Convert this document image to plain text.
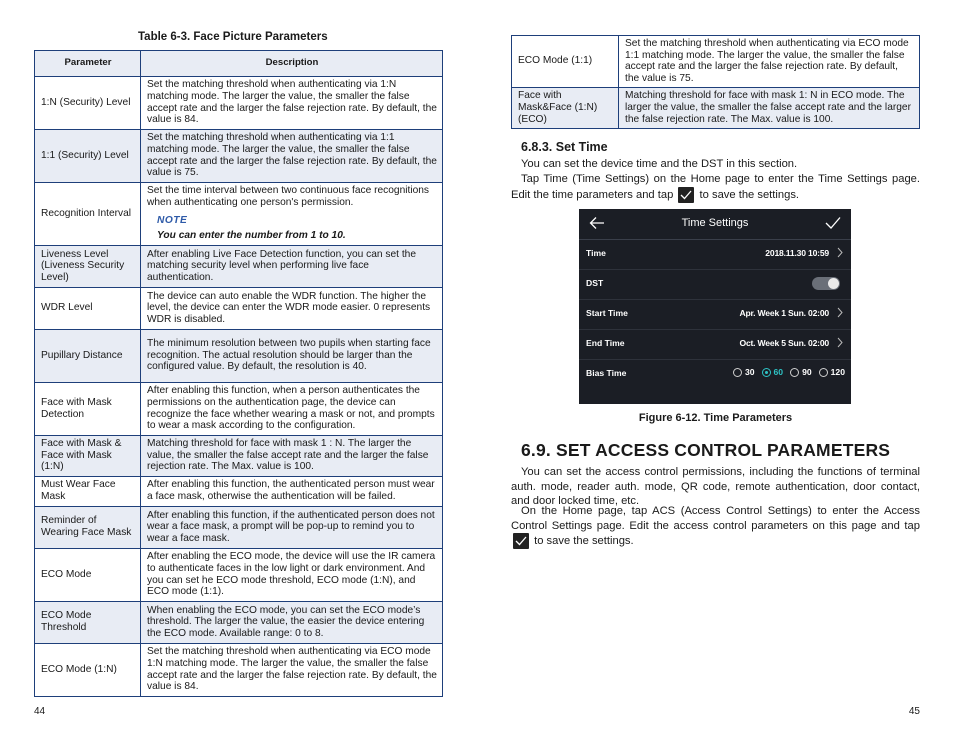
Table 6-3. Face Picture Parameters
Parameter	Description
1:N (Security) Level	Set the matching threshold when authenticating via 1:N matching mode. The larger the value, the smaller the false accept rate and the larger the false rejection rate. By default, the value is 84.
1:1 (Security) Level	Set the matching threshold when authenticating via 1:1 matching mode. The larger the value, the smaller the false accept rate and the larger the false rejection rate. By default, the value is 75.
Recognition Interval	Set the time interval between two continuous face recognitions when authenticating one person's permission.
NOTE
You can enter the number from 1 to 10.

Liveness Level (Liveness Security Level)	After enabling Live Face Detection function, you can set the matching security level when performing live face authentication.
WDR Level	The device can auto enable the WDR function. The higher the level, the device can enter the WDR mode easier. 0 represents WDR is disabled.
Pupillary Distance	The minimum resolution between two pupils when starting face recognition. The actual resolution should be larger than the configured value. By default, the resolution is 40.
Face with Mask Detection	After enabling this function, when a person authenticates the permissions on the authentication page, the device can recognize the face whether wearing a mask or not, and prompts to wear a mask according to the configuration.
Face with Mask & Face with Mask (1:N)	Matching threshold for face with mask 1 : N. The larger the value, the smaller the false accept rate and the larger the false rejection rate. The Max. value is 100.
Must Wear Face Mask	After enabling this function, the authenticated person must wear a face mask, otherwise the authentication will be failed.
Reminder of Wearing Face Mask	After enabling this function, if the authenticated person does not wear a face mask, a prompt will be pop-up to remind you to wear a face mask.
ECO Mode	After enabling the ECO mode, the device will use the IR camera to authenticate faces in the low light or dark environment. And you can set he ECO mode threshold, ECO mode (1:N), and ECO mode (1:1).
ECO Mode Threshold	When enabling the ECO mode, you can set the ECO mode’s threshold. The larger the value, the easier the device entering the ECO mode. Available range: 0 to 8.
ECO Mode (1:N)	Set the matching threshold when authenticating via ECO mode 1:N matching mode. The larger the value, the smaller the false accept rate and the larger the false rejection rate. By default, the value is 84.
44
ECO Mode (1:1)	Set the matching threshold when authenticating via ECO mode 1:1 matching mode. The larger the value, the smaller the false accept rate and the larger the false rejection rate. By default, the value is 75.
Face with Mask&Face (1:N) (ECO)	Matching threshold for face with mask 1: N in ECO mode. The larger the value, the smaller the false accept rate and the larger the false rejection rate. The Max. value is 100.
6.8.3. Set Time
You can set the device time and the DST in this section.
Tap Time (Time Settings) on the Home page to enter the Time Settings page. Edit the time parameters and tap to save the settings.
Time Settings
Time	2018.11.30 10:59
DST
Start Time	Apr. Week 1 Sun. 02:00
End Time	Oct. Week 5 Sun. 02:00
Bias Time	30 60 90 120
Figure 6-12. Time Parameters
6.9. SET ACCESS CONTROL PARAMETERS
You can set the access control permissions, including the functions of terminal auth. mode, reader auth. mode, QR code, remote authentication, door contact, and door locked time, etc.
On the Home page, tap ACS (Access Control Settings) to enter the Access Control Settings page. Edit the access control parameters on this page and tap
to save the settings.
45
